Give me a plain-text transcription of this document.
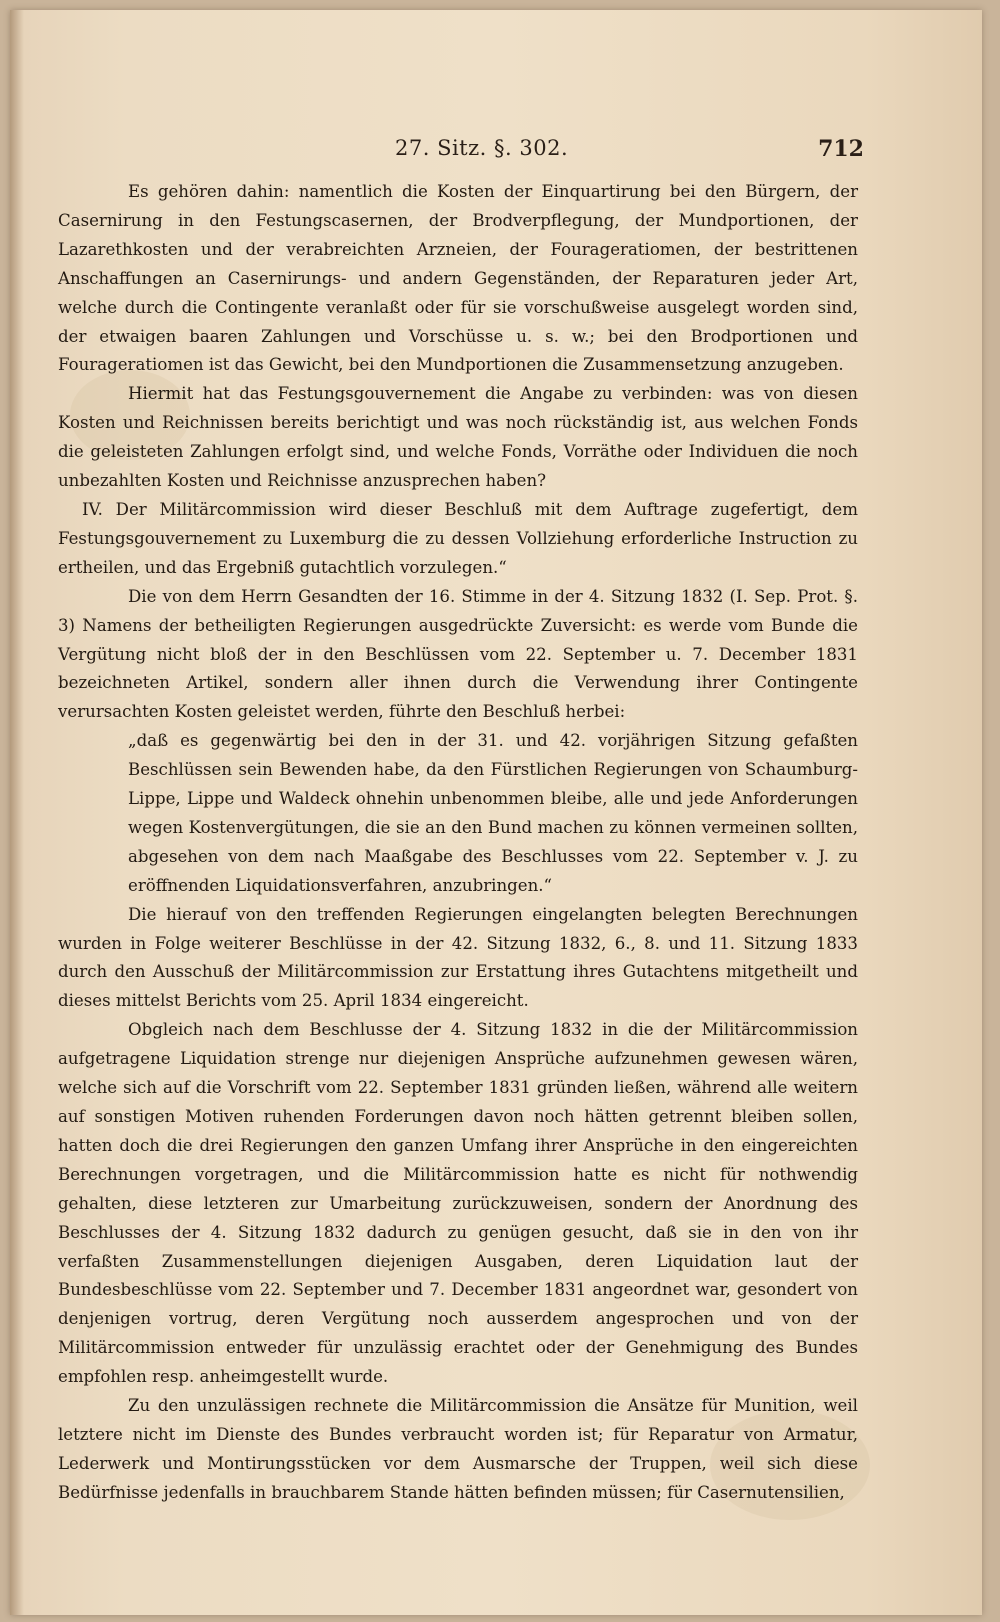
27. Sitz. §. 302.	712

Es gehören dahin: namentlich die Kosten der Einquartirung bei den Bürgern, der Casernirung in den Festungscasernen, der Brodverpflegung, der Mundportionen, der Lazarethkosten und der verabreichten Arzneien, der Fourageratiomen, der bestrittenen Anschaffungen an Casernirungs- und andern Gegenständen, der Reparaturen jeder Art, welche durch die Contingente veranlaßt oder für sie vorschußweise ausgelegt worden sind, der etwaigen baaren Zahlungen und Vorschüsse u. s. w.; bei den Brodportionen und Fourageratiomen ist das Gewicht, bei den Mundportionen die Zusammensetzung anzugeben.

Hiermit hat das Festungsgouvernement die Angabe zu verbinden: was von diesen Kosten und Reichnissen bereits berichtigt und was noch rückständig ist, aus welchen Fonds die geleisteten Zahlungen erfolgt sind, und welche Fonds, Vorräthe oder Individuen die noch unbezahlten Kosten und Reichnisse anzusprechen haben?

IV. Der Militärcommission wird dieser Beschluß mit dem Auftrage zugefertigt, dem Festungsgouvernement zu Luxemburg die zu dessen Vollziehung erforderliche Instruction zu ertheilen, und das Ergebniß gutachtlich vorzulegen.“

Die von dem Herrn Gesandten der 16. Stimme in der 4. Sitzung 1832 (I. Sep. Prot. §. 3) Namens der betheiligten Regierungen ausgedrückte Zuversicht: es werde vom Bunde die Vergütung nicht bloß der in den Beschlüssen vom 22. September u. 7. December 1831 bezeichneten Artikel, sondern aller ihnen durch die Verwendung ihrer Contingente verursachten Kosten geleistet werden, führte den Beschluß herbei:

„daß es gegenwärtig bei den in der 31. und 42. vorjährigen Sitzung gefaßten Beschlüssen sein Bewenden habe, da den Fürstlichen Regierungen von Schaumburg-Lippe, Lippe und Waldeck ohnehin unbenommen bleibe, alle und jede Anforderungen wegen Kostenvergütungen, die sie an den Bund machen zu können vermeinen sollten, abgesehen von dem nach Maaßgabe des Beschlusses vom 22. September v. J. zu eröffnenden Liquidationsverfahren, anzubringen.“

Die hierauf von den treffenden Regierungen eingelangten belegten Berechnungen wurden in Folge weiterer Beschlüsse in der 42. Sitzung 1832, 6., 8. und 11. Sitzung 1833 durch den Ausschuß der Militärcommission zur Erstattung ihres Gutachtens mitgetheilt und dieses mittelst Berichts vom 25. April 1834 eingereicht.

Obgleich nach dem Beschlusse der 4. Sitzung 1832 in die der Militärcommission aufgetragene Liquidation strenge nur diejenigen Ansprüche aufzunehmen gewesen wären, welche sich auf die Vorschrift vom 22. September 1831 gründen ließen, während alle weitern auf sonstigen Motiven ruhenden Forderungen davon noch hätten getrennt bleiben sollen, hatten doch die drei Regierungen den ganzen Umfang ihrer Ansprüche in den eingereichten Berechnungen vorgetragen, und die Militärcommission hatte es nicht für nothwendig gehalten, diese letzteren zur Umarbeitung zurückzuweisen, sondern der Anordnung des Beschlusses der 4. Sitzung 1832 dadurch zu genügen gesucht, daß sie in den von ihr verfaßten Zusammenstellungen diejenigen Ausgaben, deren Liquidation laut der Bundesbeschlüsse vom 22. September und 7. December 1831 angeordnet war, gesondert von denjenigen vortrug, deren Vergütung noch ausserdem angesprochen und von der Militärcommission entweder für unzulässig erachtet oder der Genehmigung des Bundes empfohlen resp. anheimgestellt wurde.

Zu den unzulässigen rechnete die Militärcommission die Ansätze für Munition, weil letztere nicht im Dienste des Bundes verbraucht worden ist; für Reparatur von Armatur, Lederwerk und Montirungsstücken vor dem Ausmarsche der Truppen, weil sich diese Bedürfnisse jedenfalls in brauchbarem Stande hätten befinden müssen; für Casernutensilien,
